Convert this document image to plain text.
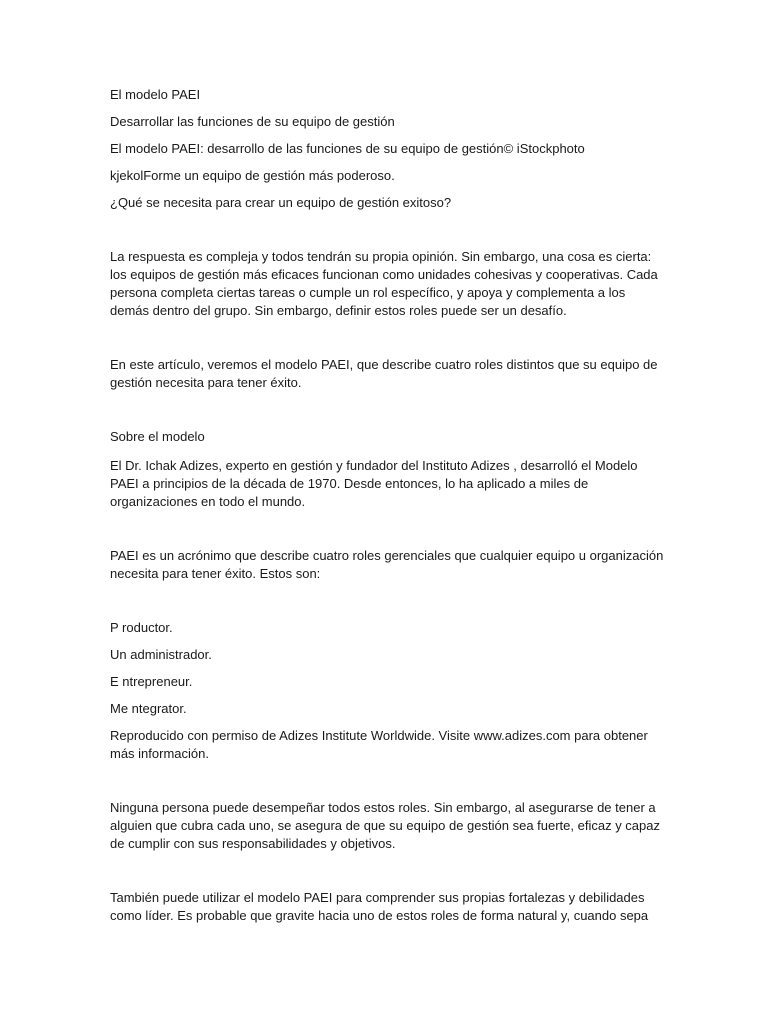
El modelo PAEI

Desarrollar las funciones de su equipo de gestión

El modelo PAEI: desarrollo de las funciones de su equipo de gestión© iStockphoto

kjekolForme un equipo de gestión más poderoso.

¿Qué se necesita para crear un equipo de gestión exitoso?

La respuesta es compleja y todos tendrán su propia opinión. Sin embargo, una cosa es cierta:

los equipos de gestión más eficaces funcionan como unidades cohesivas y cooperativas. Cada

persona completa ciertas tareas o cumple un rol específico, y apoya y complementa a los

demás dentro del grupo. Sin embargo, definir estos roles puede ser un desafío.

En este artículo, veremos el modelo PAEI, que describe cuatro roles distintos que su equipo de

gestión necesita para tener éxito.

Sobre el modelo

El Dr. Ichak Adizes, experto en gestión y fundador del Instituto Adizes , desarrolló el Modelo

PAEI a principios de la década de 1970. Desde entonces, lo ha aplicado a miles de

organizaciones en todo el mundo.

PAEI es un acrónimo que describe cuatro roles gerenciales que cualquier equipo u organización

necesita para tener éxito. Estos son:

P roductor.

Un administrador.

E ntrepreneur.

Me ntegrator.

Reproducido con permiso de Adizes Institute Worldwide. Visite www.adizes.com para obtener

más información.

Ninguna persona puede desempeñar todos estos roles. Sin embargo, al asegurarse de tener a

alguien que cubra cada uno, se asegura de que su equipo de gestión sea fuerte, eficaz y capaz

de cumplir con sus responsabilidades y objetivos.

También puede utilizar el modelo PAEI para comprender sus propias fortalezas y debilidades

como líder. Es probable que gravite hacia uno de estos roles de forma natural y, cuando sepa
